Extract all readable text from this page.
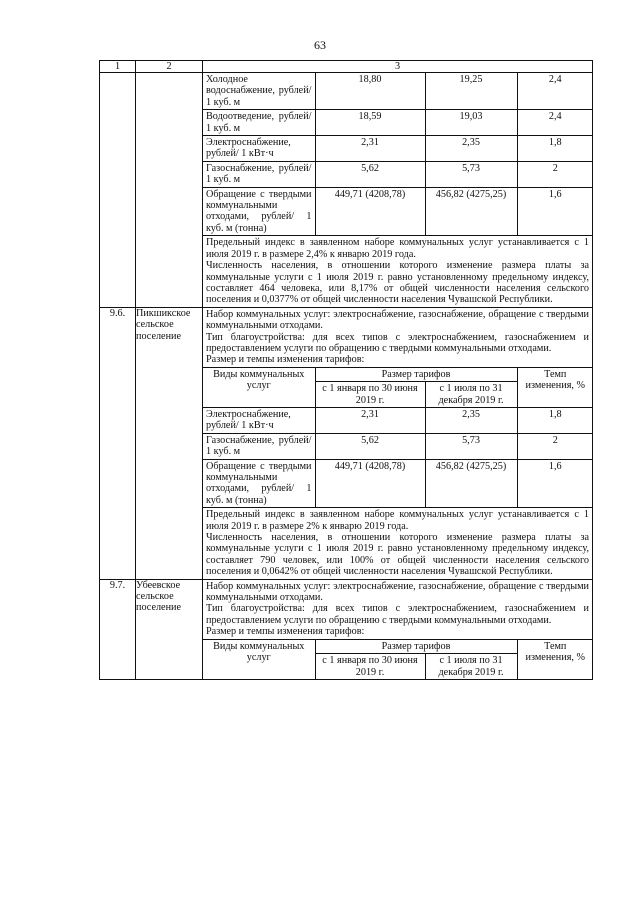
63
1	2	3

Холодное водоснабжение, рублей/ 1 куб. м	18,80	19,25	2,4
Водоотведение, рублей/ 1 куб. м	18,59	19,03	2,4
Электроснабжение, рублей/ 1 кВт·ч	2,31	2,35	1,8
Газоснабжение, рублей/ 1 куб. м	5,62	5,73	2
Обращение с твердыми коммунальными отходами, рублей/ 1 куб. м (тонна)	449,71 (4208,78)	456,82 (4275,25)	1,6

Предельный индекс в заявленном наборе коммунальных услуг устанавливается с 1 июля 2019 г. в размере 2,4% к январю 2019 года.

Численность населения, в отношении которого изменение размера платы за коммунальные услуги с 1 июля 2019 г. равно установленному предельному индексу, составляет 464 человека, или 8,17% от общей численности населения сельского поселения и 0,0377% от общей численности населения Чувашской Республики.

9.6.	Пикшикское сельское поселение	

Набор коммунальных услуг: электроснабжение, газоснабжение, обращение с твердыми коммунальными отходами.

Тип благоустройства: для всех типов с электроснабжением, газоснабжением и предоставлением услуги по обращению с твердыми коммунальными отходами.

Размер и темпы изменения тарифов:

Виды коммунальных услуг	Размер тарифов	Темп изменения, %
с 1 января по 30 июня 2019 г.	с 1 июля по 31 декабря 2019 г.
Электроснабжение, рублей/ 1 кВт·ч	2,31	2,35	1,8
Газоснабжение, рублей/ 1 куб. м	5,62	5,73	2
Обращение с твердыми коммунальными отходами, рублей/ 1 куб. м (тонна)	449,71 (4208,78)	456,82 (4275,25)	1,6

Предельный индекс в заявленном наборе коммунальных услуг устанавливается с 1 июля 2019 г. в размере 2% к январю 2019 года.

Численность населения, в отношении которого изменение размера платы за коммунальные услуги с 1 июля 2019 г. равно установленному предельному индексу, составляет 790 человек, или 100% от общей численности населения сельского поселения и 0,0642% от общей численности населения Чувашской Республики.

9.7.	Убеевское сельское поселение	

Набор коммунальных услуг: электроснабжение, газоснабжение, обращение с твердыми коммунальными отходами.

Тип благоустройства: для всех типов с электроснабжением, газоснабжением и предоставлением услуги по обращению с твердыми коммунальными отходами.

Размер и темпы изменения тарифов:

Виды коммунальных услуг	Размер тарифов	Темп изменения, %
с 1 января по 30 июня 2019 г.	с 1 июля по 31 декабря 2019 г.
